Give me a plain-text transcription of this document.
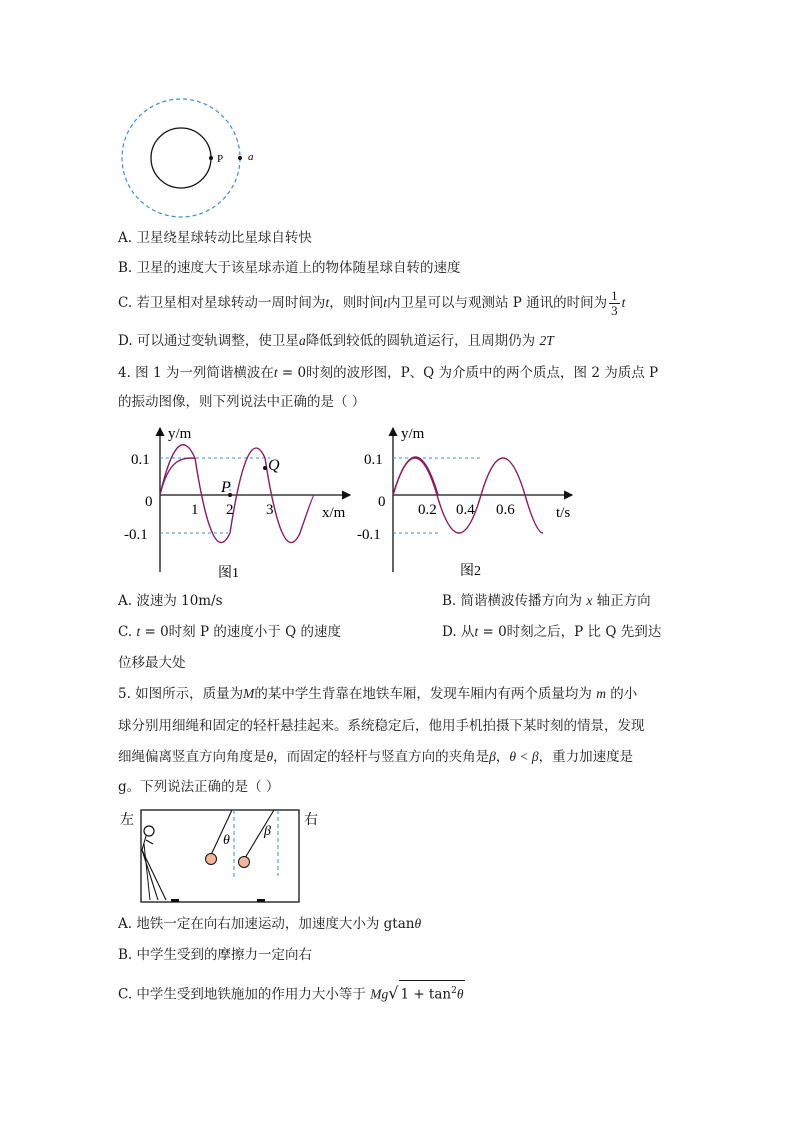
P a
A. 卫星绕星球转动比星球自转快
B. 卫星的速度大于该星球赤道上的物体随星球自转的速度
C. 若卫星相对星球转动一周时间为t，则时间t内卫星可以与观测站 P 通讯的时间为 $\frac{1}{3}$ t
D. 可以通过变轨调整，使卫星a降低到较低的圆轨道运行，且周期仍为 2T
4. 图 1 为一列简谐横波在t = 0时刻的波形图，P、Q 为介质中的两个质点，图 2 为质点 P
的振动图像，则下列说法中正确的是（ ）
y/m
x/m
0.1
0
-0.1
1 2 3
P
Q
图1
y/m
t/s
0.1
0
-0.1
0.2 0.4 0.6
图2
A. 波速为 10m/s	B. 简谐横波传播方向为 x 轴正方向
C. t = 0时刻 P 的速度小于 Q 的速度	D. 从t = 0时刻之后，P 比 Q 先到达
位移最大处
5. 如图所示，质量为M的某中学生背靠在地铁车厢，发现车厢内有两个质量均为 m 的小
球分别用细绳和固定的轻杆悬挂起来。系统稳定后，他用手机拍摄下某时刻的情景，发现
细绳偏离竖直方向角度是θ，而固定的轻杆与竖直方向的夹角是β，θ < β，重力加速度是
g。下列说法正确的是（ ）
左	右
θ
β
A. 地铁一定在向右加速运动，加速度大小为 gtanθ
B. 中学生受到的摩擦力一定向右
C. 中学生受到地铁施加的作用力大小等于 Mg√ $1 + \tan^2\theta$
